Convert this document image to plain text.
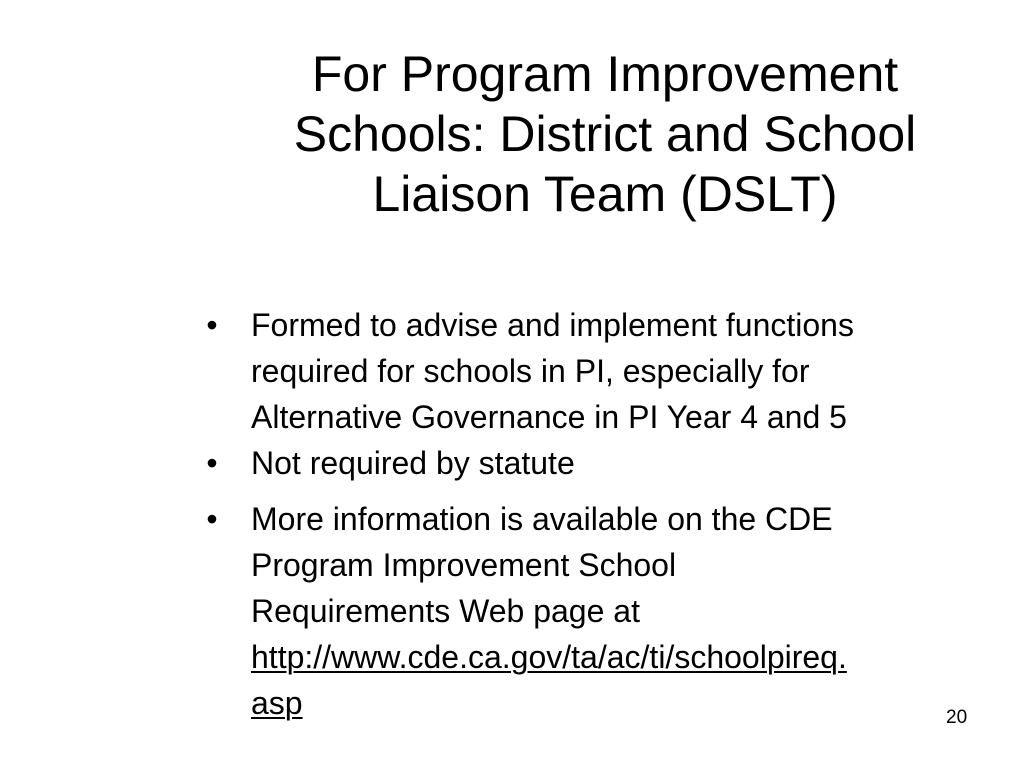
For Program Improvement
Schools: District and School
Liaison Team (DSLT)
• Formed to advise and implement functions
required for schools in PI, especially for
Alternative Governance in PI Year 4 and 5
• Not required by statute
• More information is available on the CDE
Program Improvement School
Requirements Web page at
http://www.cde.ca.gov/ta/ac/ti/schoolpireq.
asp	20
